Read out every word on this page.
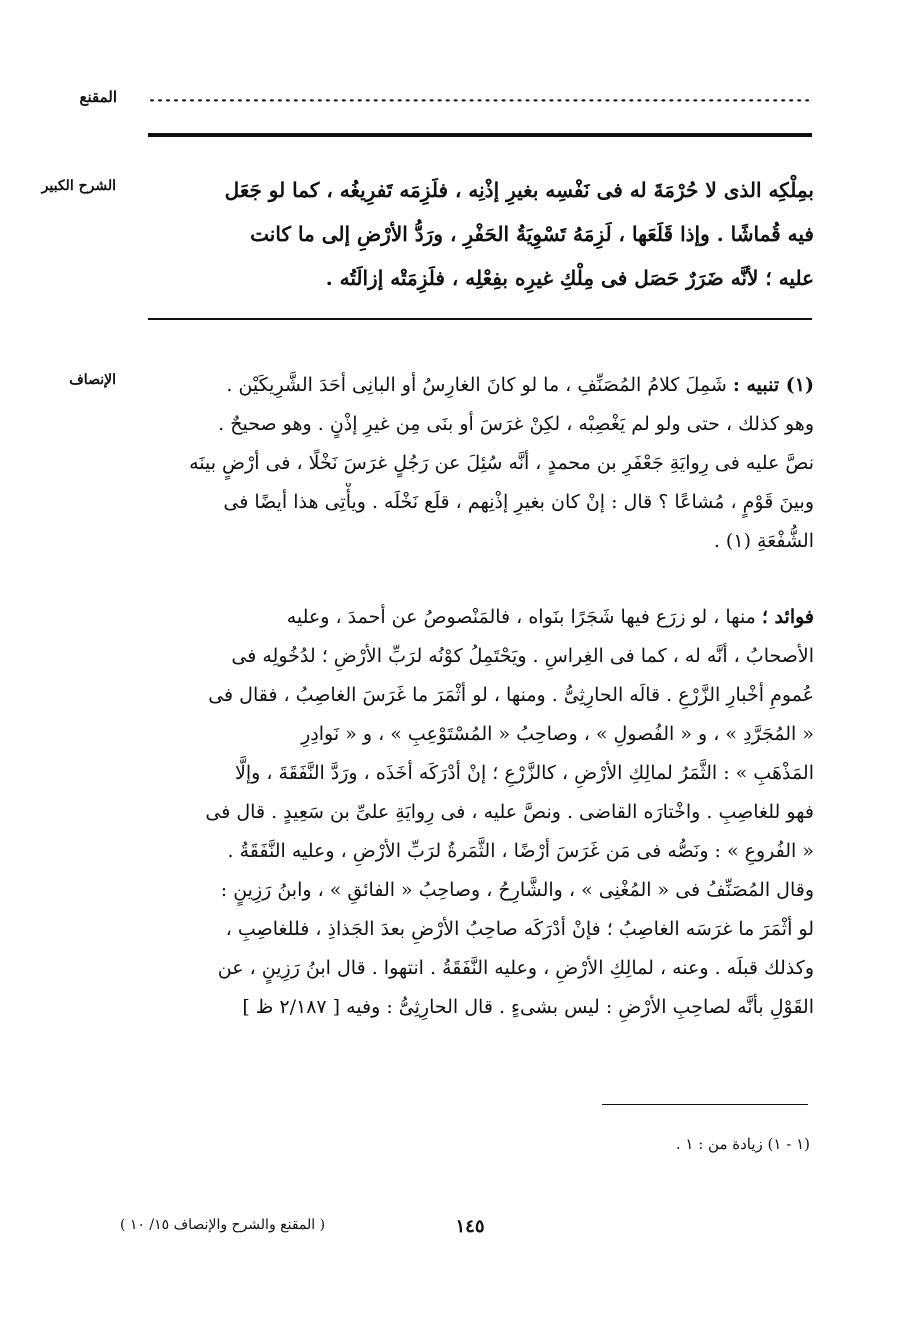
المقنع
الشرح الكبير	بمِلْكِه الذى لا حُرْمَةَ له فى نَفْسِه بغيرِ إذْنِه ، فلَزِمَه تَفرِيغُه ، كما لو جَعَل

فيه قُماشًا . وإذا قَلَعَها ، لَزِمَهُ تَسْوِيَةُ الحَفْرِ ، ورَدُّ الأرْضِ إلى ما كانت

عليه ؛ لأنَّه ضَرَرٌ حَصَل فى مِلْكِ غيرِه بفِعْلِه ، فلَزِمَتْه إزالَتُه .

الإنصاف	(١) تنبيه : شَمِلَ كلامُ المُصَنِّفِ ، ما لو كانَ الغارِسُ أو البانِى أحَدَ الشَّرِيكَيْن .

وهو كذلك ، حتى ولو لم يَغْصِبْه ، لكِنْ غرَسَ أو بنَى مِن غيرِ إذْنٍ . وهو صحيحٌ .

نصَّ عليه فى رِوايَةِ جَعْفَرِ بن محمدٍ ، أنَّه سُئِلَ عن رَجُلٍ غرَسَ نَخْلًا ، فى أرْضٍ بينَه

وبينَ قَوْمٍ ، مُشاعًا ؟ قال : إنْ كان بغيرِ إذْنِهم ، قلَع نَخْلَه . ويأْتِى هذا أيضًا فى

الشُّفْعَةِ (١) .

فوائد ؛ منها ، لو زرَع فيها شَجَرًا بنَواه ، فالمَنْصوصُ عن أحمدَ ، وعليه

الأصحابُ ، أنَّه له ، كما فى الغِراسِ . ويَحْتَمِلُ كوْنُه لرَبِّ الأرْضِ ؛ لدُخُولِه فى

عُمومِ أخْبارِ الزَّرْعِ . قالَه الحارِثِىُّ . ومنها ، لو أثْمَرَ ما غَرَسَ الغاصِبُ ، فقال فى

« المُجَرَّدِ » ، و « الفُصولِ » ، وصاحِبُ « المُسْتَوْعِبِ » ، و « نَوادِرِ

المَذْهَبِ » : الثَّمَرُ لمالِكِ الأرْضِ ، كالزَّرْعِ ؛ إنْ أدْرَكَه أخَذَه ، ورَدَّ النَّفَقَةَ ، وإلَّا

فهو للغاصِبِ . واخْتارَه القاضى . ونصَّ عليه ، فى رِوايَةِ علىِّ بن سَعِيدٍ . قال فى

« الفُروعِ » : ونَصُّه فى مَن غَرَسَ أرْضًا ، الثَّمَرةُ لرَبِّ الأرْضِ ، وعليه النَّفَقَةُ .

وقال المُصَنِّفُ فى « المُغْنِى » ، والشَّارِحُ ، وصاحِبُ « الفائقِ » ، وابنُ رَزِينٍ :

لو أثْمَرَ ما غرَسَه الغاصِبُ ؛ فإنْ أدْرَكَه صاحِبُ الأرْضِ بعدَ الجَذاذِ ، فللغاصِبِ ،

وكذلك قبلَه . وعنه ، لمالِكِ الأرْضِ ، وعليه النَّفَقَةُ . انتهوا . قال ابنُ رَزِينٍ ، عن

القَوْلِ بأنَّه لصاحِبِ الأرْضِ : ليس بشىءٍ . قال الحارِثِىُّ : وفيه [ ٢/١٨٧ ظ ]

(١ - ١) زيادة من : ١ .
١٤٥
( المقنع والشرح والإنصاف ١٥/ ١٠ )
